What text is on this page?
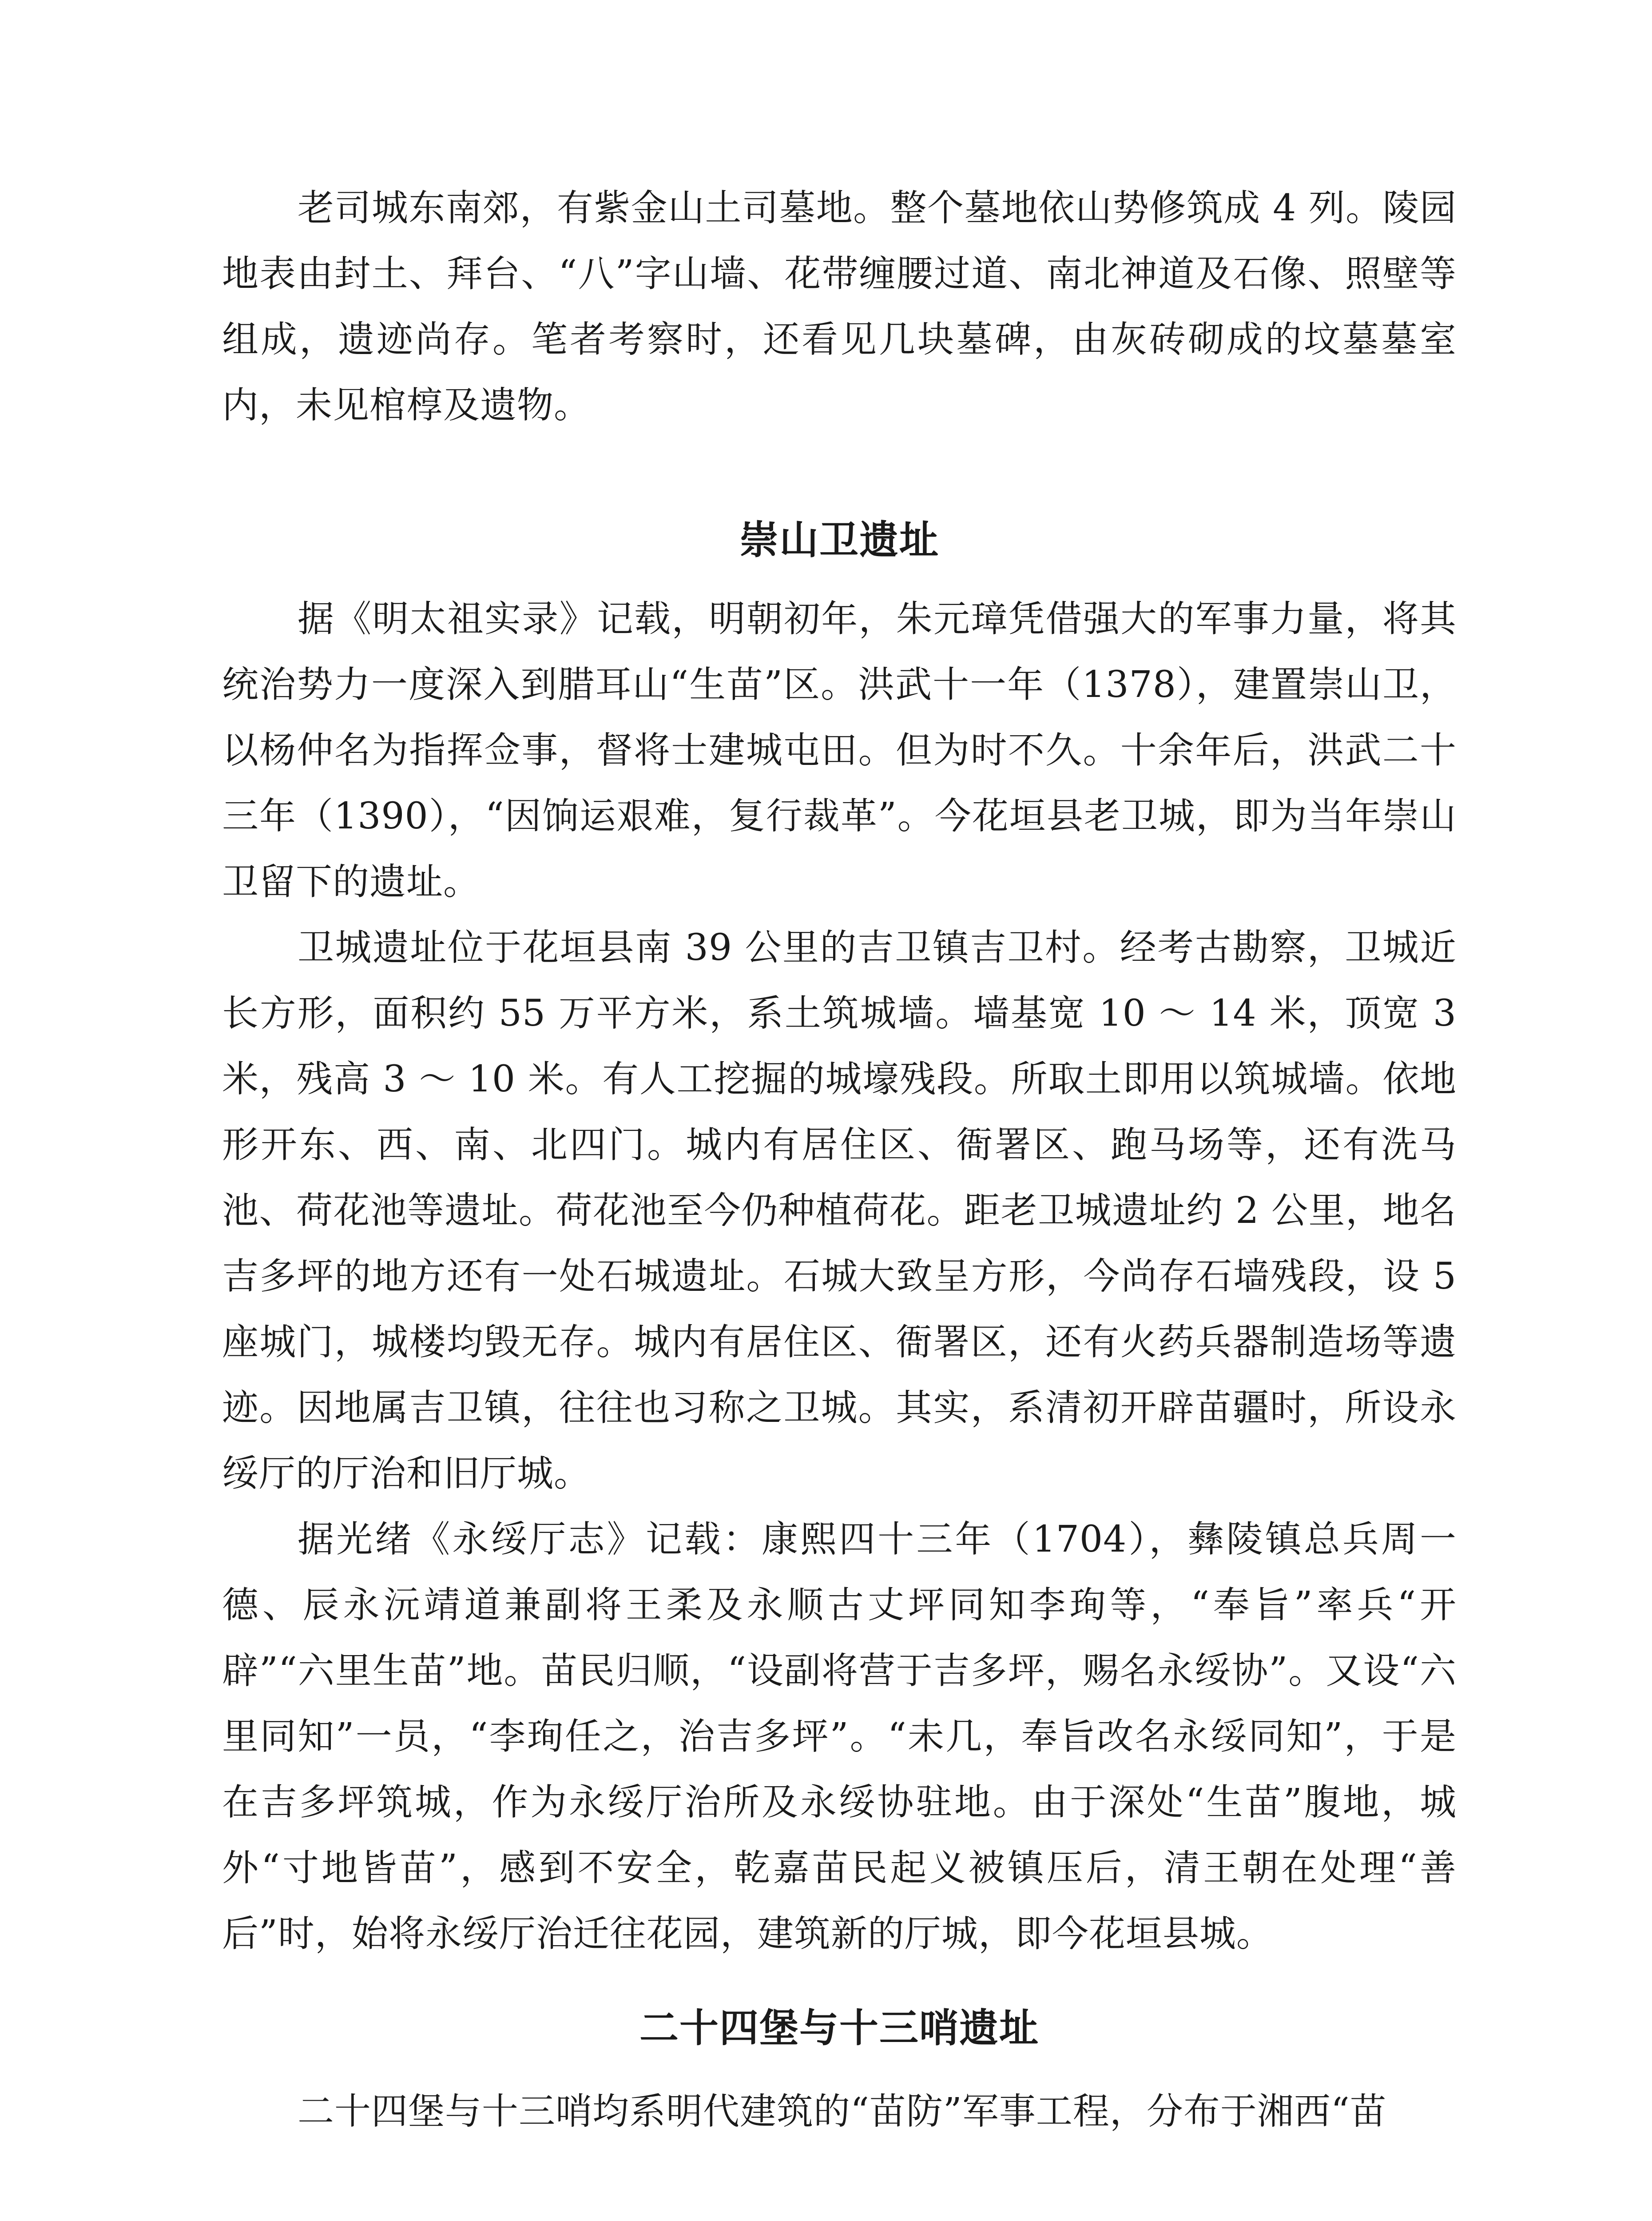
老司城东南郊，有紫金山土司墓地。整个墓地依山势修筑成 4 列。陵园地表由封土、拜台、“八”字山墙、花带缠腰过道、南北神道及石像、照壁等组成，遗迹尚存。笔者考察时，还看见几块墓碑，由灰砖砌成的坟墓墓室内，未见棺椁及遗物。

崇山卫遗址

据《明太祖实录》记载，明朝初年，朱元璋凭借强大的军事力量，将其统治势力一度深入到腊耳山“生苗”区。洪武十一年（1378），建置崇山卫，以杨仲名为指挥佥事，督将士建城屯田。但为时不久。十余年后，洪武二十三年（1390），“因饷运艰难，复行裁革”。今花垣县老卫城，即为当年崇山卫留下的遗址。

卫城遗址位于花垣县南 39 公里的吉卫镇吉卫村。经考古勘察，卫城近长方形，面积约 55 万平方米，系土筑城墙。墙基宽 10 ～ 14 米，顶宽 3 米，残高 3 ～ 10 米。有人工挖掘的城壕残段。所取土即用以筑城墙。依地形开东、西、南、北四门。城内有居住区、衙署区、跑马场等，还有洗马池、荷花池等遗址。荷花池至今仍种植荷花。距老卫城遗址约 2 公里，地名吉多坪的地方还有一处石城遗址。石城大致呈方形，今尚存石墙残段，设 5 座城门，城楼均毁无存。城内有居住区、衙署区，还有火药兵器制造场等遗迹。因地属吉卫镇，往往也习称之卫城。其实，系清初开辟苗疆时，所设永绥厅的厅治和旧厅城。

据光绪《永绥厅志》记载：康熙四十三年（1704），彝陵镇总兵周一德、辰永沅靖道兼副将王柔及永顺古丈坪同知李珣等，“奉旨”率兵“开辟”“六里生苗”地。苗民归顺，“设副将营于吉多坪，赐名永绥协”。又设“六里同知”一员，“李珣任之，治吉多坪”。“未几，奉旨改名永绥同知”，于是在吉多坪筑城，作为永绥厅治所及永绥协驻地。由于深处“生苗”腹地，城外“寸地皆苗”，感到不安全，乾嘉苗民起义被镇压后，清王朝在处理“善后”时，始将永绥厅治迁往花园，建筑新的厅城，即今花垣县城。

二十四堡与十三哨遗址

二十四堡与十三哨均系明代建筑的“苗防”军事工程，分布于湘西“苗
